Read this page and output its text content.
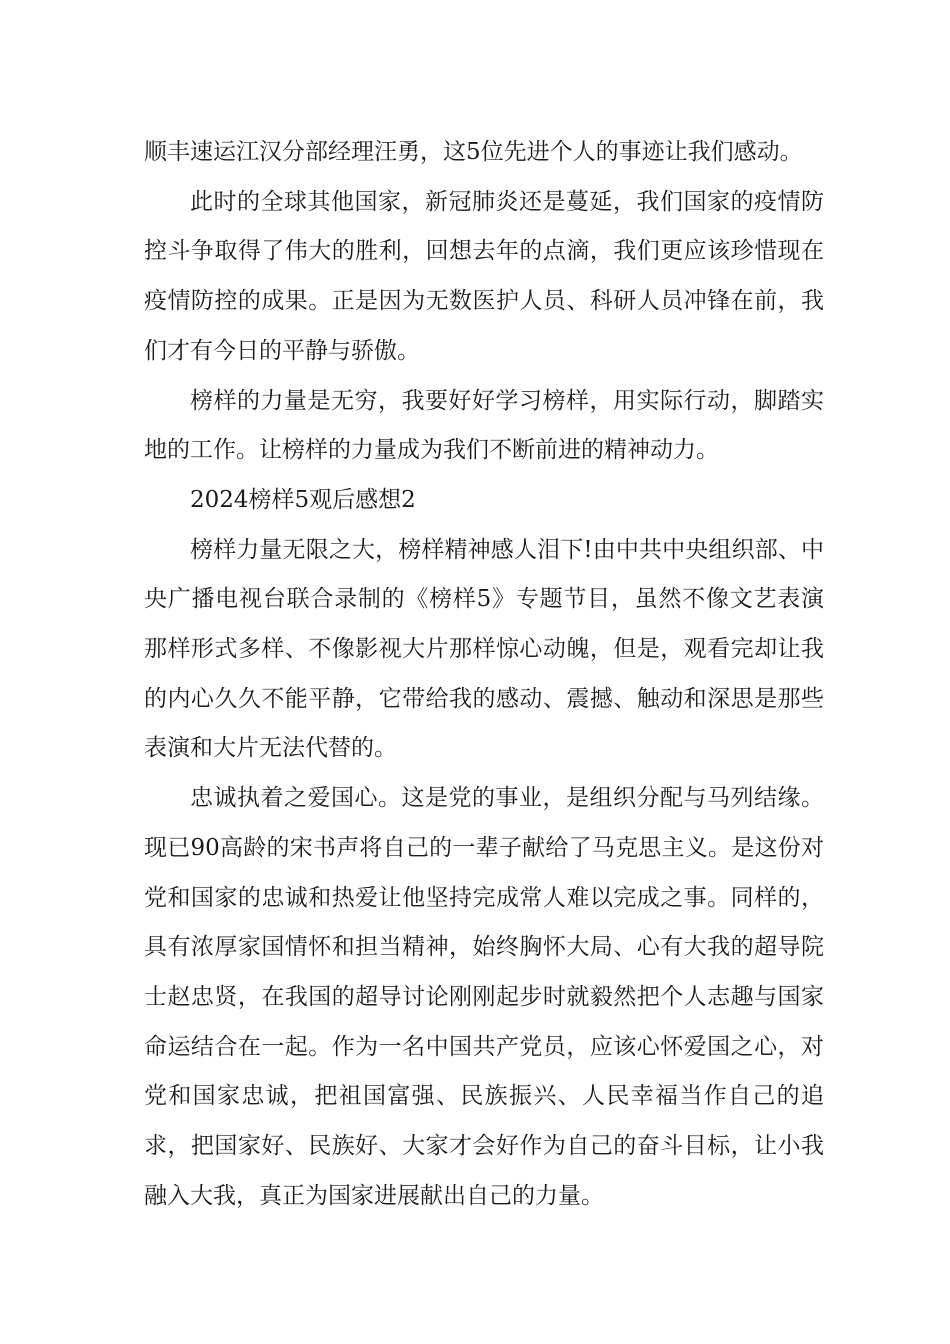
顺丰速运江汉分部经理汪勇，这5位先进个人的事迹让我们感动。

此时的全球其他国家，新冠肺炎还是蔓延，我们国家的疫情防控斗争取得了伟大的胜利，回想去年的点滴，我们更应该珍惜现在疫情防控的成果。正是因为无数医护人员、科研人员冲锋在前，我们才有今日的平静与骄傲。

榜样的力量是无穷，我要好好学习榜样，用实际行动，脚踏实地的工作。让榜样的力量成为我们不断前进的精神动力。

2024榜样5观后感想2

榜样力量无限之大，榜样精神感人泪下!由中共中央组织部、中央广播电视台联合录制的《榜样5》专题节目，虽然不像文艺表演那样形式多样、不像影视大片那样惊心动魄，但是，观看完却让我的内心久久不能平静，它带给我的感动、震撼、触动和深思是那些表演和大片无法代替的。

忠诚执着之爱国心。这是党的事业，是组织分配与马列结缘。现已90高龄的宋书声将自己的一辈子献给了马克思主义。是这份对党和国家的忠诚和热爱让他坚持完成常人难以完成之事。同样的，具有浓厚家国情怀和担当精神，始终胸怀大局、心有大我的超导院士赵忠贤，在我国的超导讨论刚刚起步时就毅然把个人志趣与国家命运结合在一起。作为一名中国共产党员，应该心怀爱国之心，对党和国家忠诚，把祖国富强、民族振兴、人民幸福当作自己的追求，把国家好、民族好、大家才会好作为自己的奋斗目标，让小我融入大我，真正为国家进展献出自己的力量。
